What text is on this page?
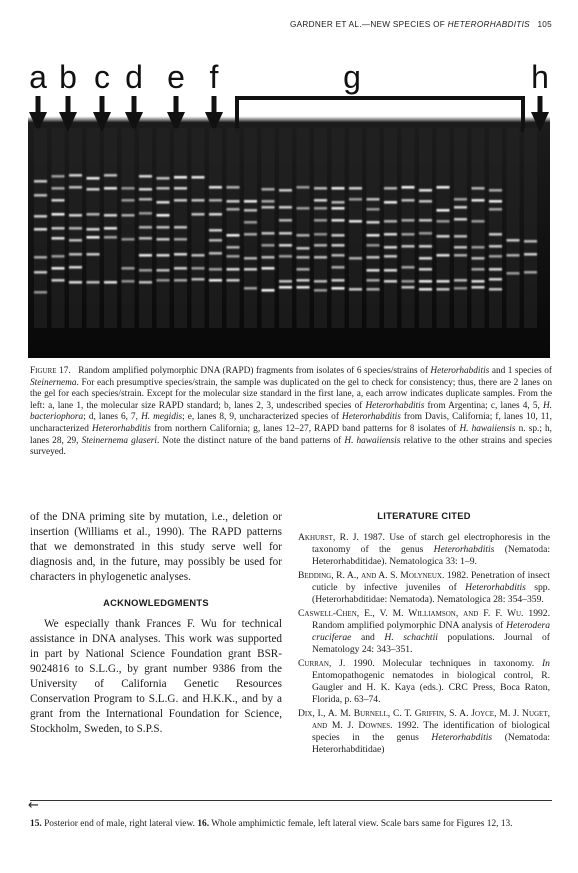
GARDNER ET AL.—NEW SPECIES OF HETERORHABDITIS 105
a b c d e f	g	h
Figure 17. Random amplified polymorphic DNA (RAPD) fragments from isolates of 6 species/strains of Heterorhabditis and 1 species of Steinernema. For each presumptive species/strain, the sample was duplicated on the gel to check for consistency; thus, there are 2 lanes on the gel for each species/strain. Except for the molecular size standard in the first lane, a, each arrow indicates duplicate samples. From the left: a, lane 1, the molecular size RAPD standard; b, lanes 2, 3, undescribed species of Heterorhabditis from Argentina; c, lanes 4, 5, H. bacteriophora; d, lanes 6, 7, H. megidis; e, lanes 8, 9, uncharacterized species of Heterorhabditis from Davis, California; f, lanes 10, 11, uncharacterized Heterorhabditis from northern California; g, lanes 12–27, RAPD band patterns for 8 isolates of H. hawaiiensis n. sp.; h, lanes 28, 29, Steinernema glaseri. Note the distinct nature of the band patterns of H. hawaiiensis relative to the other strains and species surveyed.

of the DNA priming site by mutation, i.e., deletion or insertion (Williams et al., 1990). The RAPD patterns that we demonstrated in this study serve well for diagnosis and, in the future, may possibly be used for characters in phylogenetic analyses.

ACKNOWLEDGMENTS

We especially thank Frances F. Wu for technical assistance in DNA analyses. This work was supported in part by National Science Foundation grant BSR-9024816 to S.L.G., by grant number 9386 from the University of California Genetic Resources Conservation Program to S.L.G. and H.K.K., and by a grant from the International Foundation for Science, Stockholm, Sweden, to S.P.S.

LITERATURE CITED

Akhurst, R. J. 1987. Use of starch gel electrophoresis in the taxonomy of the genus Heterorhabditis (Nematoda: Heterorhabditidae). Nematologica 33: 1–9.

Bedding, R. A., and A. S. Molyneux. 1982. Penetration of insect cuticle by infective juveniles of Heterorhabditis spp. (Heterorhabditidae: Nematoda). Nematologica 28: 354–359.

Caswell-Chen, E., V. M. Williamson, and F. F. Wu. 1992. Random amplified polymorphic DNA analysis of Heterodera cruciferae and H. schachtii populations. Journal of Nematology 24: 343–351.

Curran, J. 1990. Molecular techniques in taxonomy. In Entomopathogenic nematodes in biological control, R. Gaugler and H. K. Kaya (eds.). CRC Press, Boca Raton, Florida, p. 63–74.

Dix, I., A. M. Burnell, C. T. Griffin, S. A. Joyce, M. J. Nuget, and M. J. Downes. 1992. The identification of biological species in the genus Heterorhabditis (Nematoda: Heterorhabditidae)

←
15. Posterior end of male, right lateral view. 16. Whole amphimictic female, left lateral view. Scale bars same for Figures 12, 13.
